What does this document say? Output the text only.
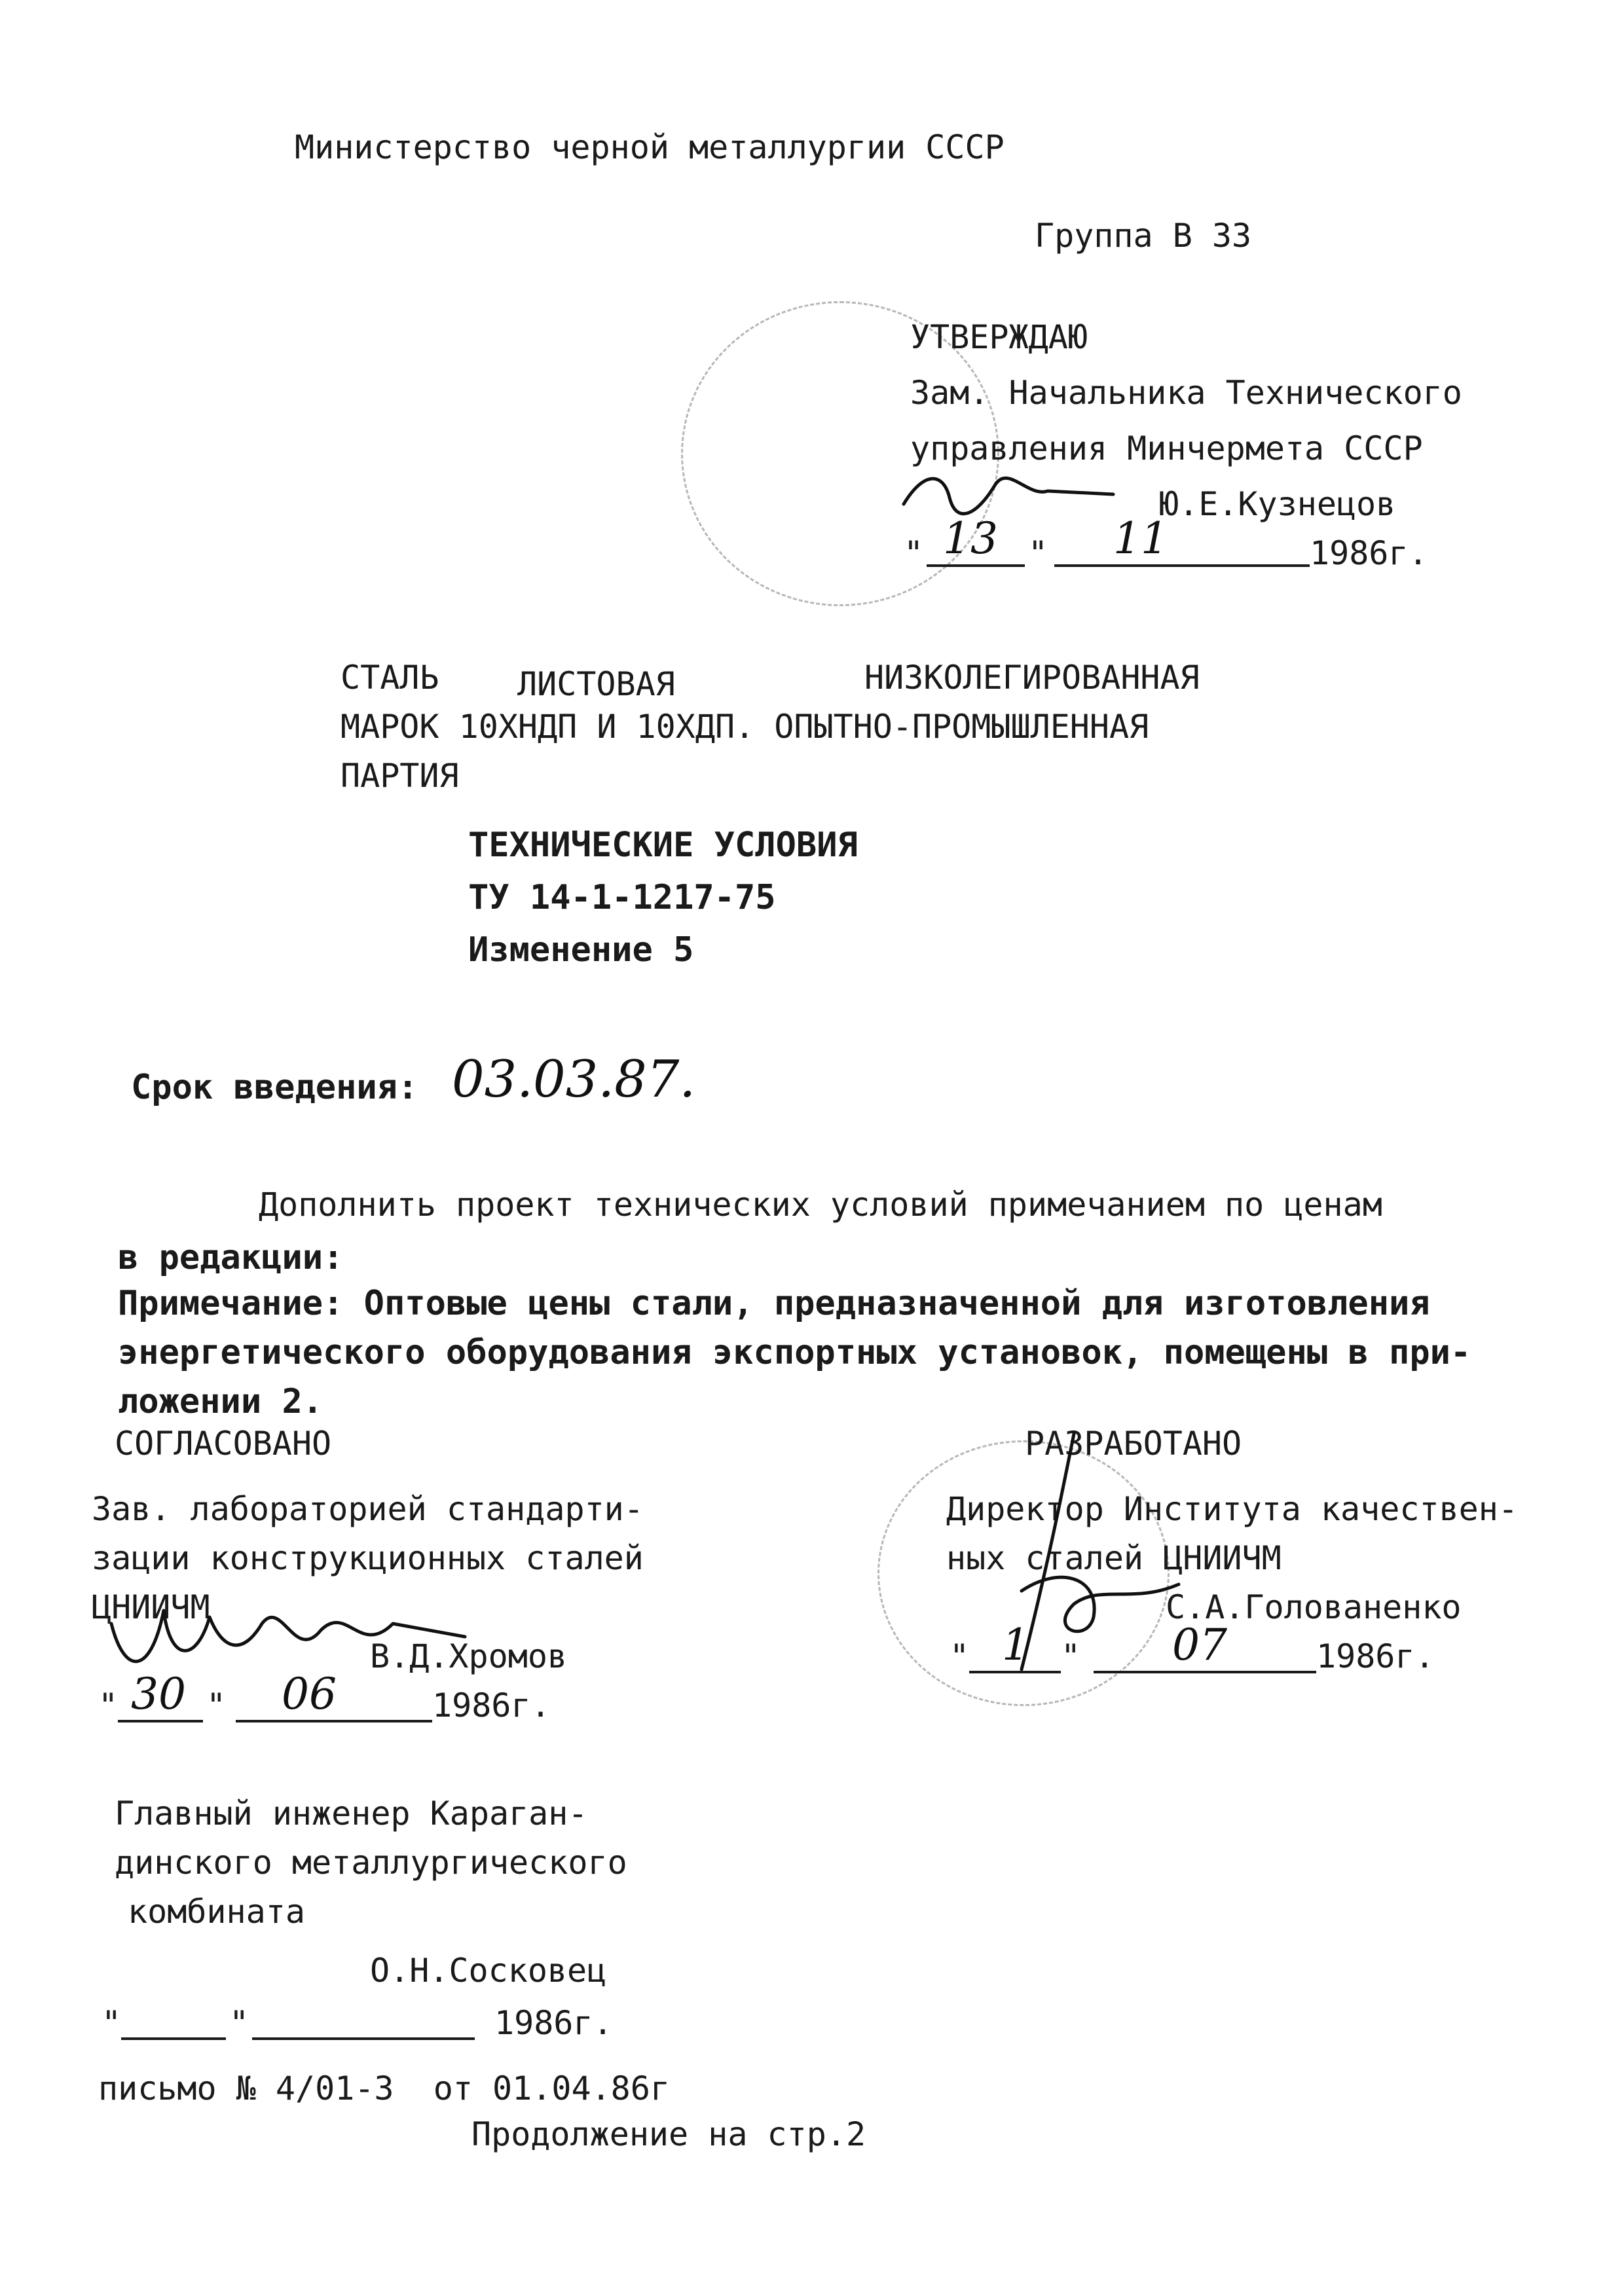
Министерство черной металлургии СССР
Группа В 33
УТВЕРЖДАЮ
Зам. Начальника Технического
управления Минчермета СССР
Ю.Е.Кузнецов
" 13 " 11	1986г.
СТАЛЬ ЛИСТОВАЯ	НИЗКОЛЕГИРОВАННАЯ
МАРОК 10ХНДП И 10ХДП. ОПЫТНО-ПРОМЫШЛЕННАЯ
ПАРТИЯ
ТЕХНИЧЕСКИЕ УСЛОВИЯ
ТУ 14-1-1217-75
Изменение 5
Срок введения: 03.03.87.
Дополнить проект технических условий примечанием по ценам
в редакции:
Примечание: Оптовые цены стали, предназначенной для изготовления
энергетического оборудования экспортных установок, помещены в при-
ложении 2.
СОГЛАСОВАНО
Зав. лабораторией стандарти-
зации конструкционных сталей
ЦНИИЧМ
В.Д.Хромов
" 30 " 06	1986г.
РАЗРАБОТАНО
Директор Института качествен-
ных сталей ЦНИИЧМ
С.А.Голованенко
" 1 " 07	1986г.
Главный инженер Караган-
динского металлургического
комбината
О.Н.Сосковец
"	"	1986г.
письмо № 4/01-3  от 01.04.86г
Продолжение на стр.2
